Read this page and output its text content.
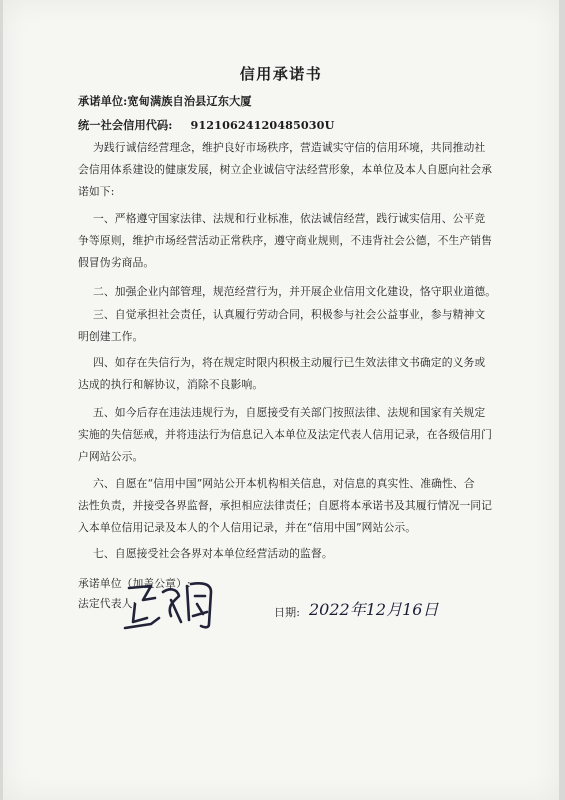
信用承诺书
承诺单位:宽甸满族自治县辽东大厦
统一社会信用代码: 91210624120485030U
为践行诚信经营理念，维护良好市场秩序，营造诚实守信的信用环境，共同推动社
会信用体系建设的健康发展，树立企业诚信守法经营形象，本单位及本人自愿向社会承
诺如下:
一、严格遵守国家法律、法规和行业标准，依法诚信经营，践行诚实信用、公平竞
争等原则，维护市场经营活动正常秩序，遵守商业规则，不违背社会公德，不生产销售
假冒伪劣商品。
二、加强企业内部管理，规范经营行为，并开展企业信用文化建设，恪守职业道德。
三、自觉承担社会责任，认真履行劳动合同，积极参与社会公益事业，参与精神文
明创建工作。
四、如存在失信行为，将在规定时限内积极主动履行已生效法律文书确定的义务或
达成的执行和解协议，消除不良影响。
五、如今后存在违法违规行为，自愿接受有关部门按照法律、法规和国家有关规定
实施的失信惩戒，并将违法行为信息记入本单位及法定代表人信用记录，在各级信用门
户网站公示。
六、自愿在“信用中国”网站公开本机构相关信息，对信息的真实性、准确性、合
法性负责，并接受各界监督，承担相应法律责任；自愿将本承诺书及其履行情况一同记
入本单位信用记录及本人的个人信用记录，并在“信用中国”网站公示。
七、自愿接受社会各界对本单位经营活动的监督。
承诺单位（加盖公章）:
法定代表人:
日期: 2022年12月16日
